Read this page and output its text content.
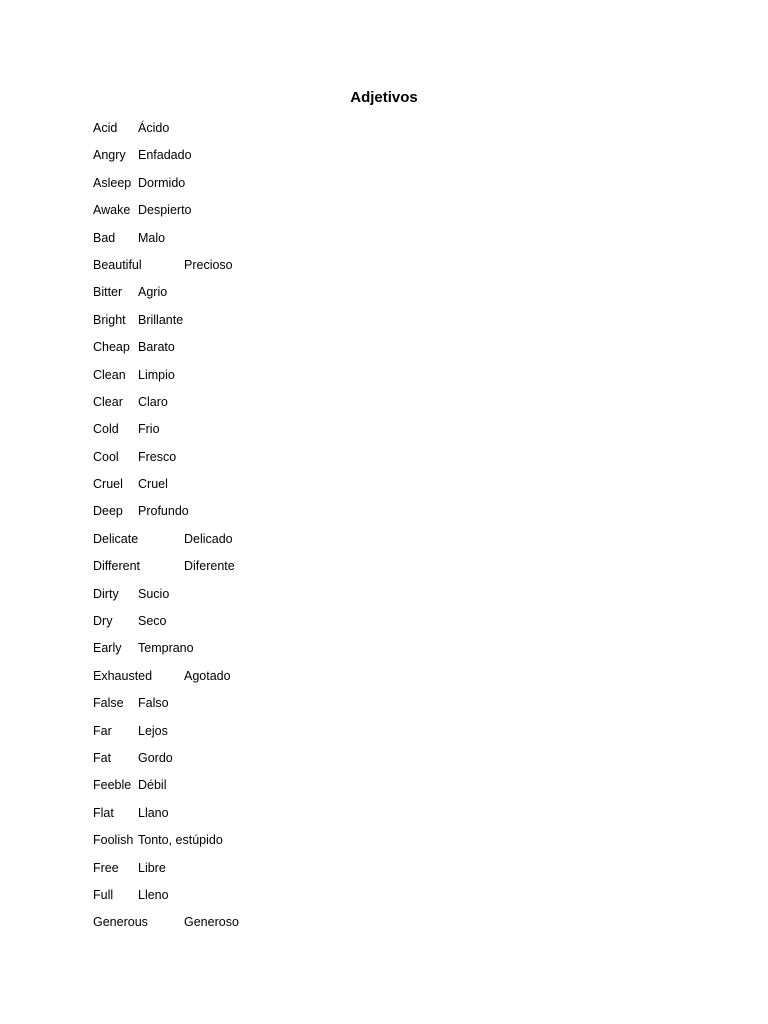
Adjetivos
Acid Ácido
Angry Enfadado
Asleep Dormido
Awake Despierto
Bad Malo
Beautiful	Precioso
Bitter Agrio
Bright Brillante
Cheap Barato
Clean Limpio
Clear Claro
Cold Frio
Cool Fresco
Cruel Cruel
Deep Profundo
Delicate	Delicado
Different	Diferente
Dirty Sucio
Dry Seco
Early Temprano
Exhausted	Agotado
False Falso
Far Lejos
Fat Gordo
Feeble Débil
Flat Llano
Foolish Tonto, estúpido
Free Libre
Full Lleno
Generous	Generoso
